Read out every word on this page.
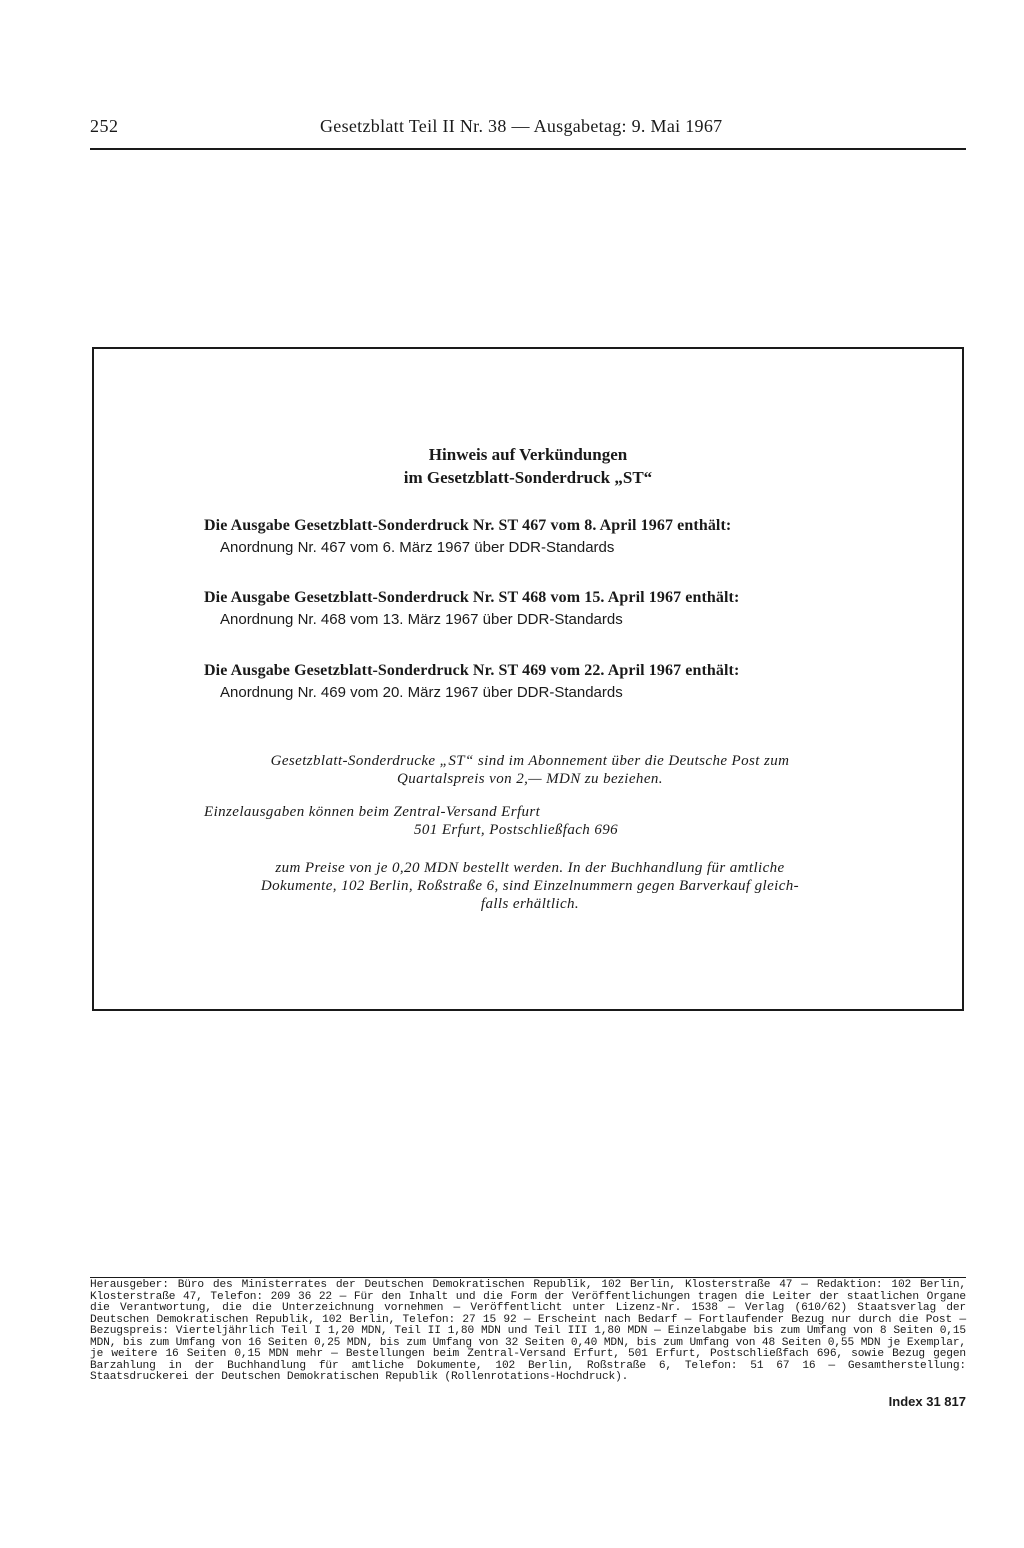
252	Gesetzblatt Teil II Nr. 38 — Ausgabetag: 9. Mai 1967
Hinweis auf Verkündungen
im Gesetzblatt-Sonderdruck „ST“
Die Ausgabe Gesetzblatt-Sonderdruck Nr. ST 467 vom 8. April 1967 enthält:
Anordnung Nr. 467 vom 6. März 1967 über DDR-Standards
Die Ausgabe Gesetzblatt-Sonderdruck Nr. ST 468 vom 15. April 1967 enthält:
Anordnung Nr. 468 vom 13. März 1967 über DDR-Standards
Die Ausgabe Gesetzblatt-Sonderdruck Nr. ST 469 vom 22. April 1967 enthält:
Anordnung Nr. 469 vom 20. März 1967 über DDR-Standards
Gesetzblatt-Sonderdrucke „ST“ sind im Abonnement über die Deutsche Post zum
Quartalspreis von 2,— MDN zu beziehen.
Einzelausgaben können beim Zentral-Versand Erfurt
501 Erfurt, Postschließfach 696
zum Preise von je 0,20 MDN bestellt werden. In der Buchhandlung für amtliche
Dokumente, 102 Berlin, Roßstraße 6, sind Einzelnummern gegen Barverkauf gleich-
falls erhältlich.
Herausgeber: Büro des Ministerrates der Deutschen Demokratischen Republik, 102 Berlin, Klosterstraße 47 — Redaktion: 102 Berlin, Klosterstraße 47, Telefon: 209 36 22 — Für den Inhalt und die Form der Veröffentlichungen tragen die Leiter der staatlichen Organe die Verantwortung, die die Unterzeichnung vornehmen — Veröffentlicht unter Lizenz-Nr. 1538 — Verlag (610/62) Staatsverlag der Deutschen Demokratischen Republik, 102 Berlin, Telefon: 27 15 92 — Erscheint nach Bedarf — Fortlaufender Bezug nur durch die Post — Bezugspreis: Vierteljährlich Teil I 1,20 MDN, Teil II 1,80 MDN und Teil III 1,80 MDN — Einzelabgabe bis zum Umfang von 8 Seiten 0,15 MDN, bis zum Umfang von 16 Seiten 0,25 MDN, bis zum Umfang von 32 Seiten 0,40 MDN, bis zum Umfang von 48 Seiten 0,55 MDN je Exemplar, je weitere 16 Seiten 0,15 MDN mehr — Bestellungen beim Zentral-Versand Erfurt, 501 Erfurt, Postschließfach 696, sowie Bezug gegen Barzahlung in der Buchhandlung für amtliche Dokumente, 102 Berlin, Roßstraße 6, Telefon: 51 67 16 — Gesamtherstellung: Staatsdruckerei der Deutschen Demokratischen Republik (Rollenrotations-Hochdruck).
Index 31 817
